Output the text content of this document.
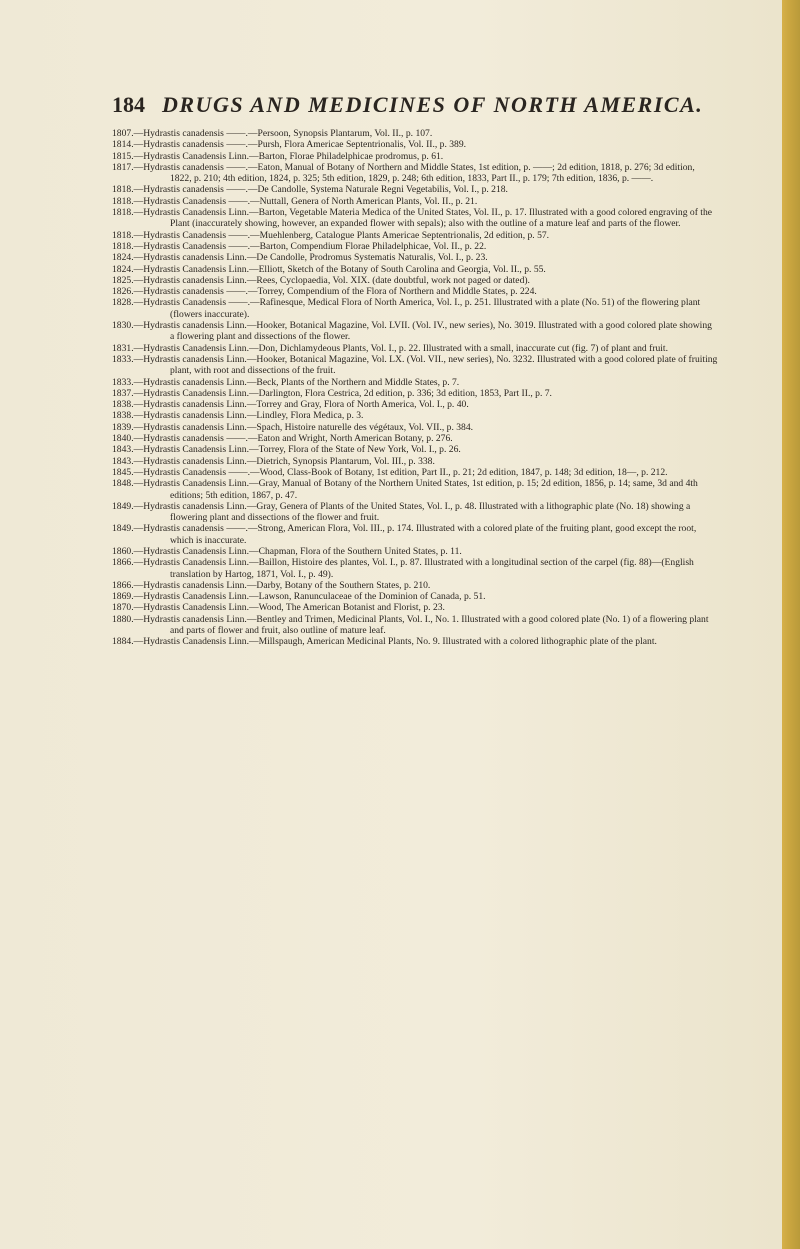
184 DRUGS AND MEDICINES OF NORTH AMERICA.

1807.—Hydrastis canadensis ——.—Persoon, Synopsis Plantarum, Vol. II., p. 107.

1814.—Hydrastis canadensis ——.—Pursh, Flora Americae Septentrionalis, Vol. II., p. 389.

1815.—Hydrastis Canadensis Linn.—Barton, Florae Philadelphicae prodromus, p. 61.

1817.—Hydrastis canadensis ——.—Eaton, Manual of Botany of Northern and Middle States, 1st edition, p. ——; 2d edition, 1818, p. 276; 3d edition, 1822, p. 210; 4th edition, 1824, p. 325; 5th edition, 1829, p. 248; 6th edition, 1833, Part II., p. 179; 7th edition, 1836, p. ——.

1818.—Hydrastis canadensis ——.—De Candolle, Systema Naturale Regni Vegetabilis, Vol. I., p. 218.

1818.—Hydrastis Canadensis ——.—Nuttall, Genera of North American Plants, Vol. II., p. 21.

1818.—Hydrastis Canadensis Linn.—Barton, Vegetable Materia Medica of the United States, Vol. II., p. 17. Illustrated with a good colored engraving of the Plant (inaccurately showing, however, an expanded flower with sepals); also with the outline of a mature leaf and parts of the flower.

1818.—Hydrastis Canadensis ——.—Muehlenberg, Catalogue Plants Americae Septentrionalis, 2d edition, p. 57.

1818.—Hydrastis Canadensis ——.—Barton, Compendium Florae Philadelphicae, Vol. II., p. 22.

1824.—Hydrastis canadensis Linn.—De Candolle, Prodromus Systematis Naturalis, Vol. I., p. 23.

1824.—Hydrastis Canadensis Linn.—Elliott, Sketch of the Botany of South Carolina and Georgia, Vol. II., p. 55.

1825.—Hydrastis canadensis Linn.—Rees, Cyclopaedia, Vol. XIX. (date doubtful, work not paged or dated).

1826.—Hydrastis canadensis ——.—Torrey, Compendium of the Flora of Northern and Middle States, p. 224.

1828.—Hydrastis Canadensis ——.—Rafinesque, Medical Flora of North America, Vol. I., p. 251. Illustrated with a plate (No. 51) of the flowering plant (flowers inaccurate).

1830.—Hydrastis canadensis Linn.—Hooker, Botanical Magazine, Vol. LVII. (Vol. IV., new series), No. 3019. Illustrated with a good colored plate showing a flowering plant and dissections of the flower.

1831.—Hydrastis Canadensis Linn.—Don, Dichlamydeous Plants, Vol. I., p. 22. Illustrated with a small, inaccurate cut (fig. 7) of plant and fruit.

1833.—Hydrastis canadensis Linn.—Hooker, Botanical Magazine, Vol. LX. (Vol. VII., new series), No. 3232. Illustrated with a good colored plate of fruiting plant, with root and dissections of the fruit.

1833.—Hydrastis canadensis Linn.—Beck, Plants of the Northern and Middle States, p. 7.

1837.—Hydrastis Canadensis Linn.—Darlington, Flora Cestrica, 2d edition, p. 336; 3d edition, 1853, Part II., p. 7.

1838.—Hydrastis canadensis Linn.—Torrey and Gray, Flora of North America, Vol. I., p. 40.

1838.—Hydrastis canadensis Linn.—Lindley, Flora Medica, p. 3.

1839.—Hydrastis canadensis Linn.—Spach, Histoire naturelle des végétaux, Vol. VII., p. 384.

1840.—Hydrastis canadensis ——.—Eaton and Wright, North American Botany, p. 276.

1843.—Hydrastis Canadensis Linn.—Torrey, Flora of the State of New York, Vol. I., p. 26.

1843.—Hydrastis canadensis Linn.—Dietrich, Synopsis Plantarum, Vol. III., p. 338.

1845.—Hydrastis Canadensis ——.—Wood, Class-Book of Botany, 1st edition, Part II., p. 21; 2d edition, 1847, p. 148; 3d edition, 18—, p. 212.

1848.—Hydrastis Canadensis Linn.—Gray, Manual of Botany of the Northern United States, 1st edition, p. 15; 2d edition, 1856, p. 14; same, 3d and 4th editions; 5th edition, 1867, p. 47.

1849.—Hydrastis canadensis Linn.—Gray, Genera of Plants of the United States, Vol. I., p. 48. Illustrated with a lithographic plate (No. 18) showing a flowering plant and dissections of the flower and fruit.

1849.—Hydrastis canadensis ——.—Strong, American Flora, Vol. III., p. 174. Illustrated with a colored plate of the fruiting plant, good except the root, which is inaccurate.

1860.—Hydrastis Canadensis Linn.—Chapman, Flora of the Southern United States, p. 11.

1866.—Hydrastis Canadensis Linn.—Baillon, Histoire des plantes, Vol. I., p. 87. Illustrated with a longitudinal section of the carpel (fig. 88)—(English translation by Hartog, 1871, Vol. I., p. 49).

1866.—Hydrastis canadensis Linn.—Darby, Botany of the Southern States, p. 210.

1869.—Hydrastis Canadensis Linn.—Lawson, Ranunculaceae of the Dominion of Canada, p. 51.

1870.—Hydrastis Canadensis Linn.—Wood, The American Botanist and Florist, p. 23.

1880.—Hydrastis canadensis Linn.—Bentley and Trimen, Medicinal Plants, Vol. I., No. 1. Illustrated with a good colored plate (No. 1) of a flowering plant and parts of flower and fruit, also outline of mature leaf.

1884.—Hydrastis Canadensis Linn.—Millspaugh, American Medicinal Plants, No. 9. Illustrated with a colored lithographic plate of the plant.
